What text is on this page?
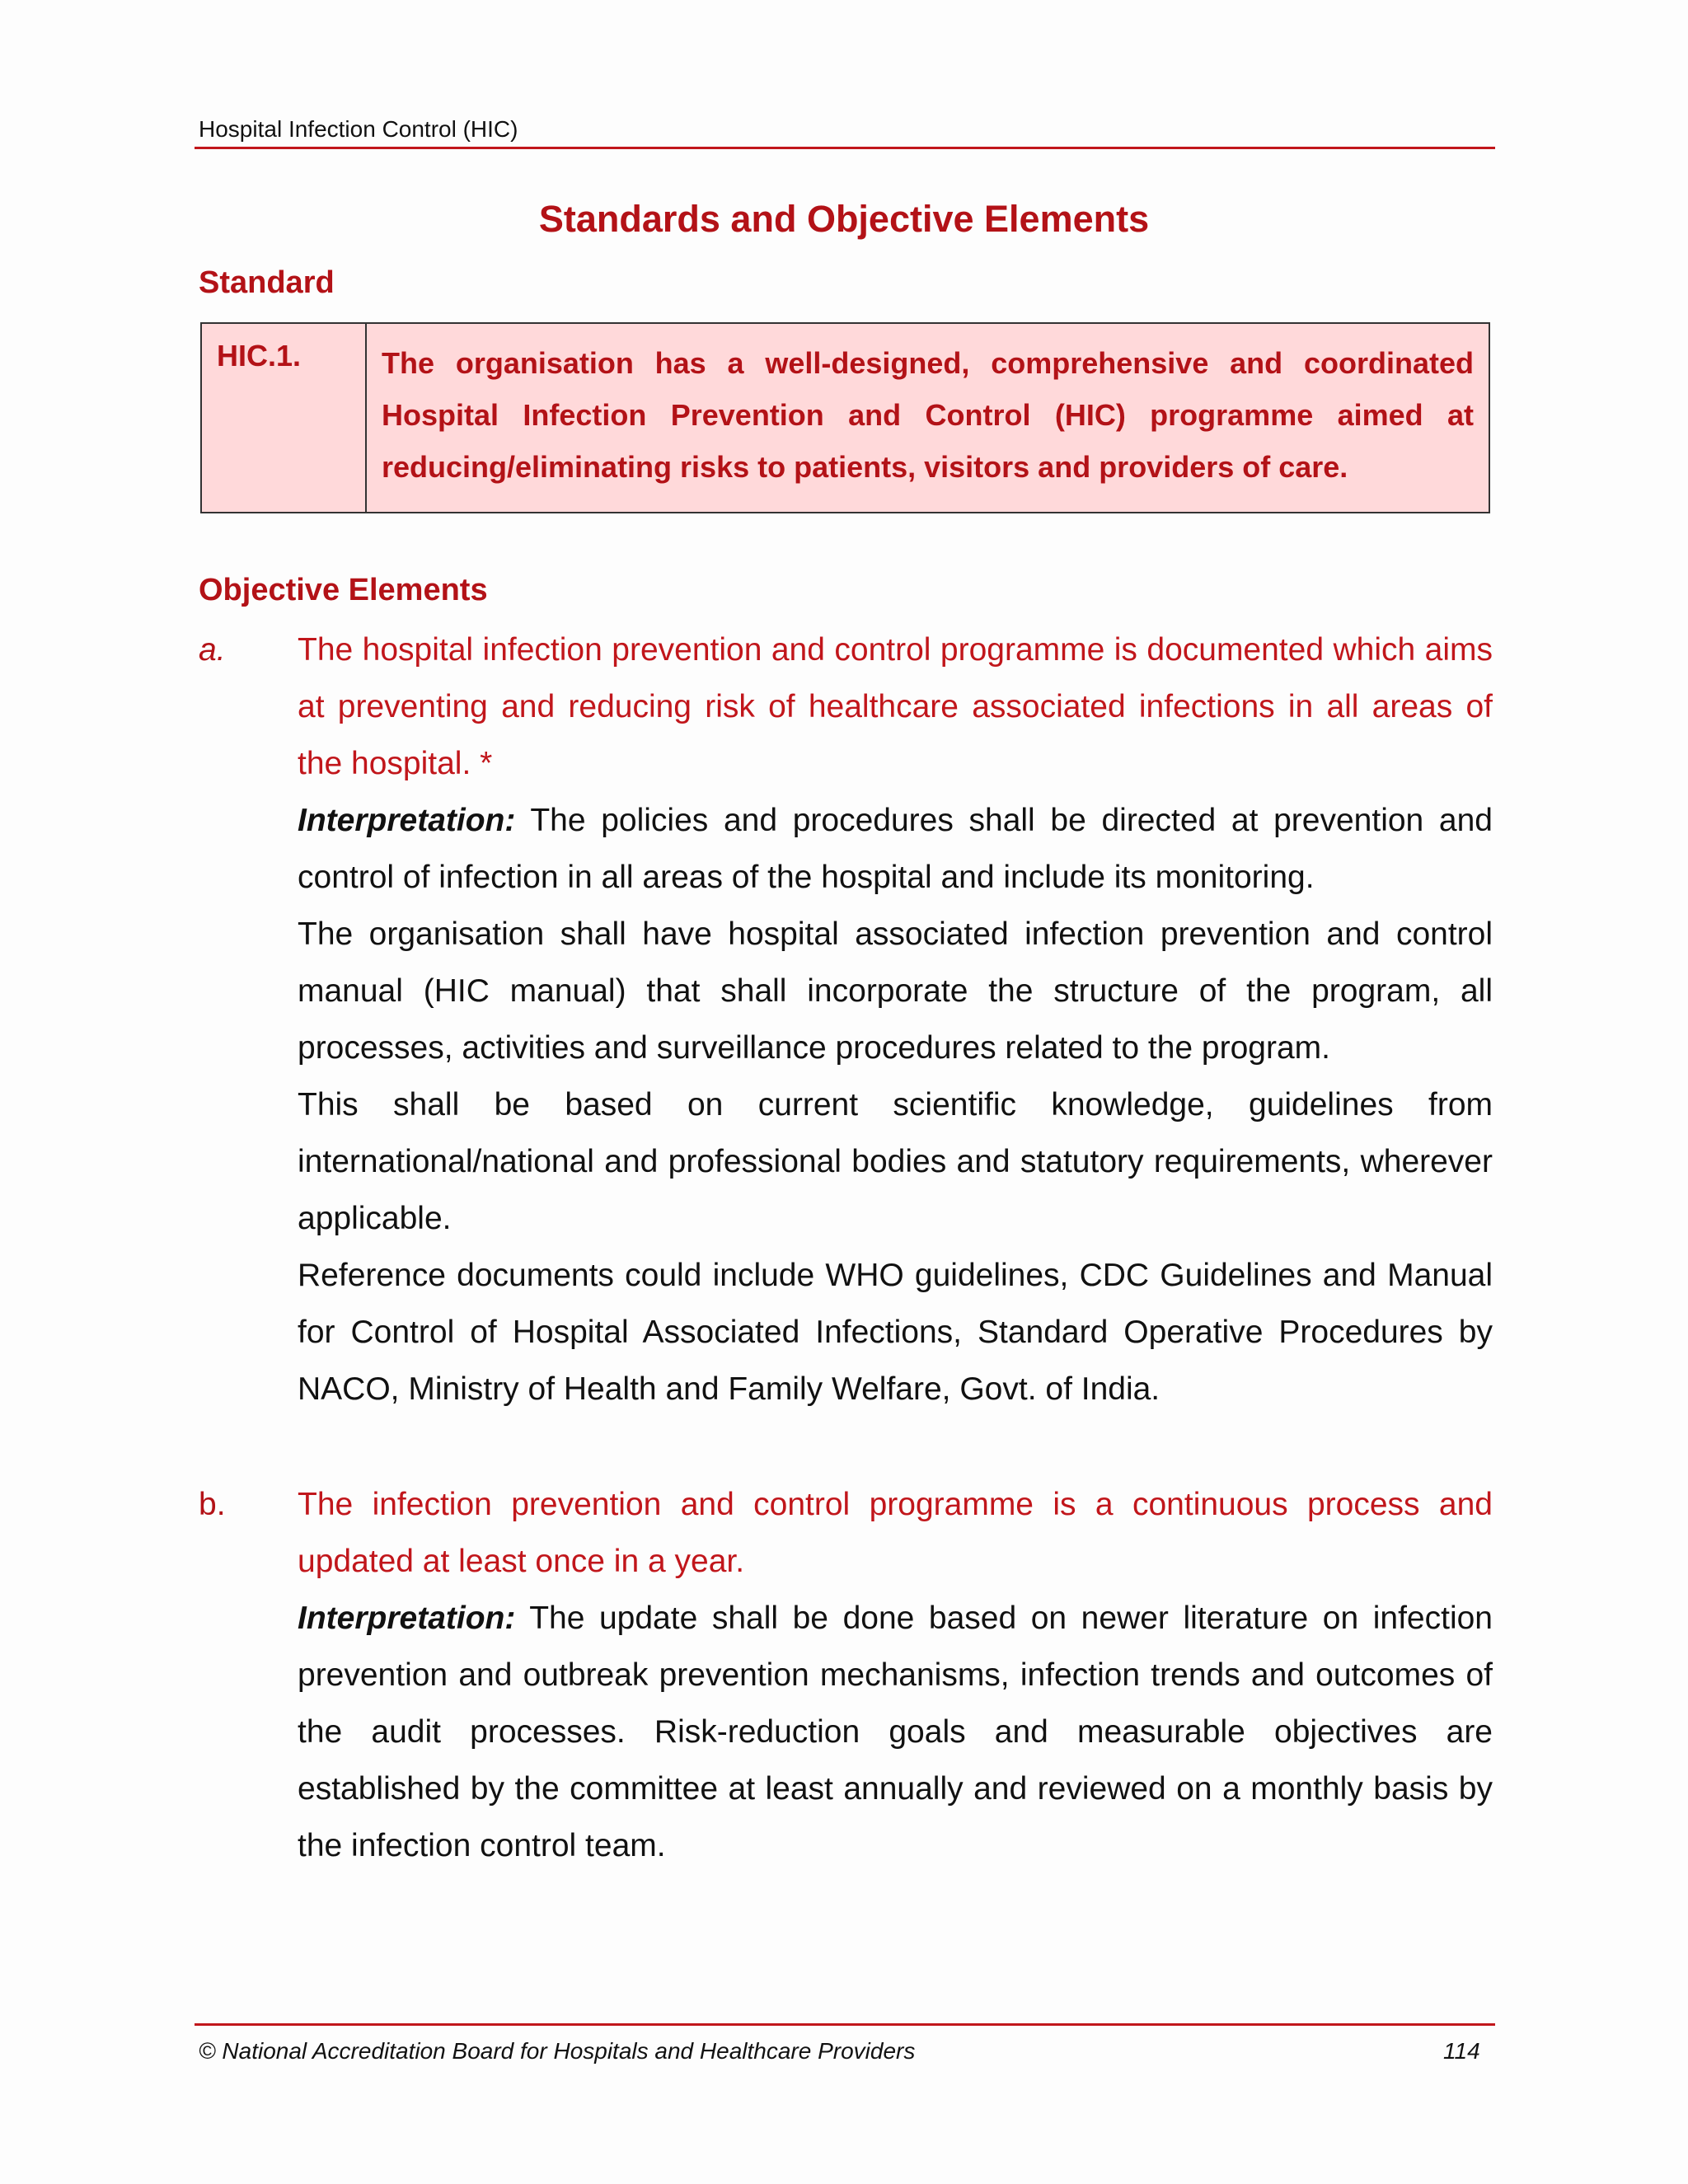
Hospital Infection Control (HIC)
Standards and Objective Elements
Standard
HIC.1.	The organisation has a well-designed, comprehensive and coordinated Hospital Infection Prevention and Control (HIC) programme aimed at reducing/eliminating risks to patients, visitors and providers of care.
Objective Elements
a. The hospital infection prevention and control programme is documented which aims at preventing and reducing risk of healthcare associated infections in all areas of the hospital. *

Interpretation: The policies and procedures shall be directed at prevention and control of infection in all areas of the hospital and include its monitoring.

The organisation shall have hospital associated infection prevention and control manual (HIC manual) that shall incorporate the structure of the program, all processes, activities and surveillance procedures related to the program.

This shall be based on current scientific knowledge, guidelines from international/national and professional bodies and statutory requirements, wherever applicable.

Reference documents could include WHO guidelines, CDC Guidelines and Manual for Control of Hospital Associated Infections, Standard Operative Procedures by NACO, Ministry of Health and Family Welfare, Govt. of India.

b. The infection prevention and control programme is a continuous process and updated at least once in a year.

Interpretation: The update shall be done based on newer literature on infection prevention and outbreak prevention mechanisms, infection trends and outcomes of the audit processes. Risk-reduction goals and measurable objectives are established by the committee at least annually and reviewed on a monthly basis by the infection control team.

© National Accreditation Board for Hospitals and Healthcare Providers	114
